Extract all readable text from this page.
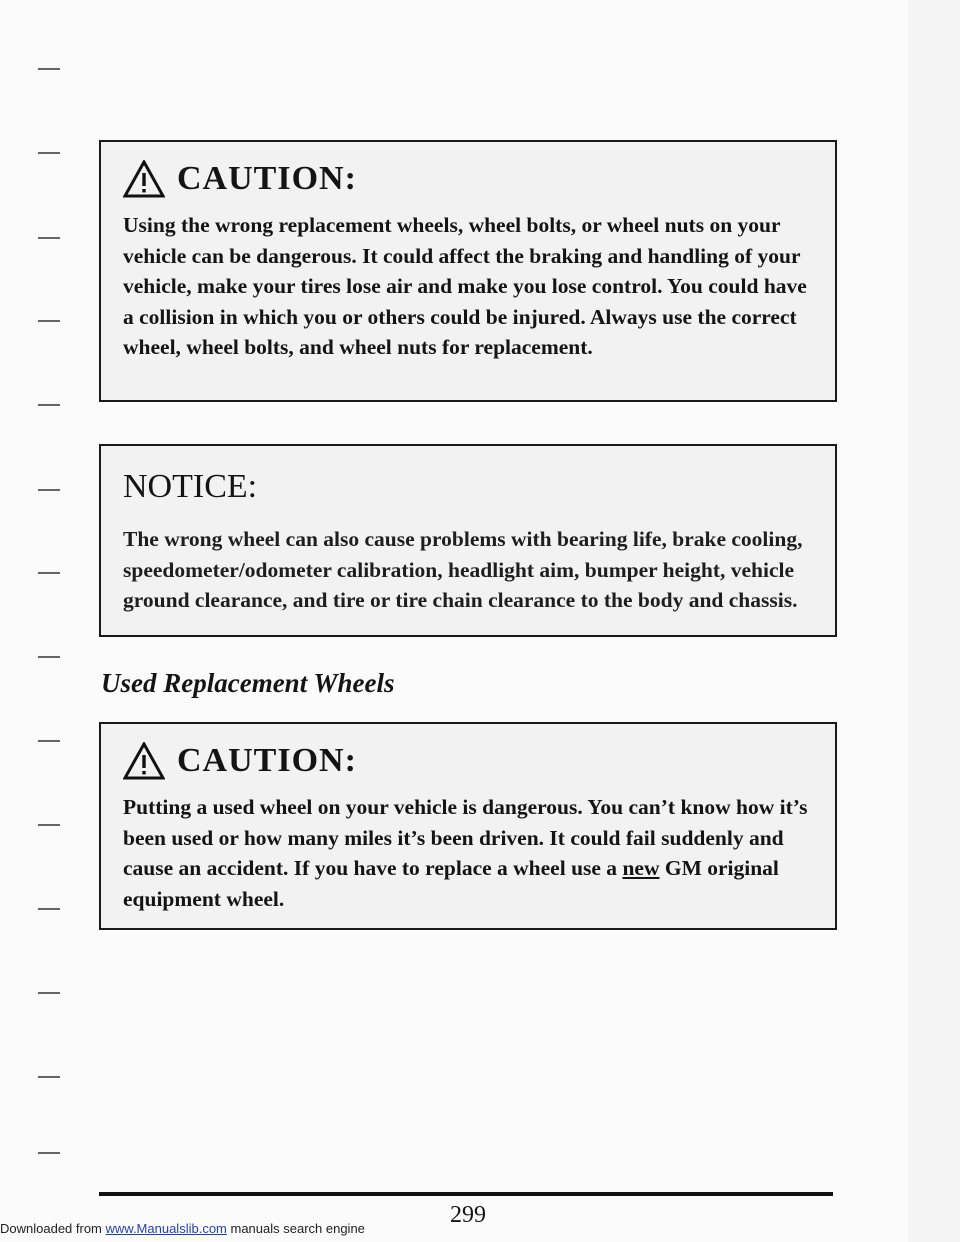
CAUTION:
Using the wrong replacement wheels, wheel bolts, or wheel nuts on your vehicle can be dangerous. It could affect the braking and handling of your vehicle, make your tires lose air and make you lose control. You could have a collision in which you or others could be injured. Always use the correct wheel, wheel bolts, and wheel nuts for replacement.
NOTICE:
The wrong wheel can also cause problems with bearing life, brake cooling, speedometer/odometer calibration, headlight aim, bumper height, vehicle ground clearance, and tire or tire chain clearance to the body and chassis.
Used Replacement Wheels
CAUTION:
Putting a used wheel on your vehicle is dangerous. You can’t know how it’s been used or how many miles it’s been driven. It could fail suddenly and cause an accident. If you have to replace a wheel use a new GM original equipment wheel.
299
Downloaded from www.Manualslib.com manuals search engine
